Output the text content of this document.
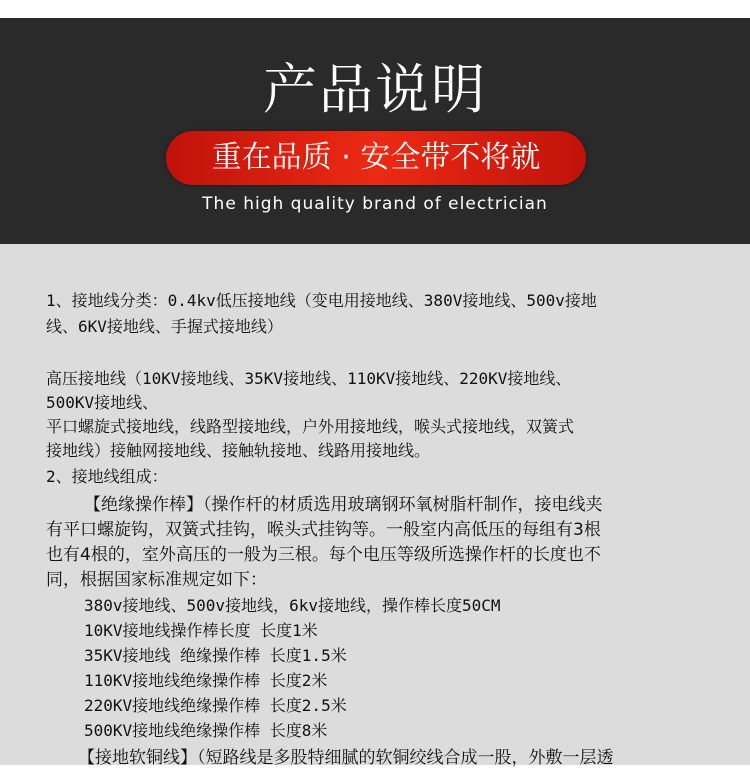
产品说明
重在品质 · 安全带不将就
The high quality brand of electrician
1、接地线分类：0.4kv低压接地线（变电用接地线、380V接地线、500v接地
线、6KV接地线、手握式接地线）
高压接地线（10KV接地线、35KV接地线、110KV接地线、220KV接地线、
500KV接地线、
平口螺旋式接地线，线路型接地线，户外用接地线，喉头式接地线，双簧式
接地线）接触网接地线、接触轨接地、线路用接地线。
2、接地线组成：
【绝缘操作棒】（操作杆的材质选用玻璃钢环氧树脂杆制作，接电线夹
有平口螺旋钩，双簧式挂钩，喉头式挂钩等。一般室内高低压的每组有3根
也有4根的，室外高压的一般为三根。每个电压等级所选操作杆的长度也不
同，根据国家标准规定如下：
380v接地线、500v接地线，6kv接地线，操作棒长度50CM
10KV接地线操作棒长度 长度1米
35KV接地线 绝缘操作棒 长度1.5米
110KV接地线绝缘操作棒 长度2米
220KV接地线绝缘操作棒 长度2.5米
500KV接地线绝缘操作棒 长度8米
【接地软铜线】（短路线是多股特细腻的软铜绞线合成一股，外敷一层透
